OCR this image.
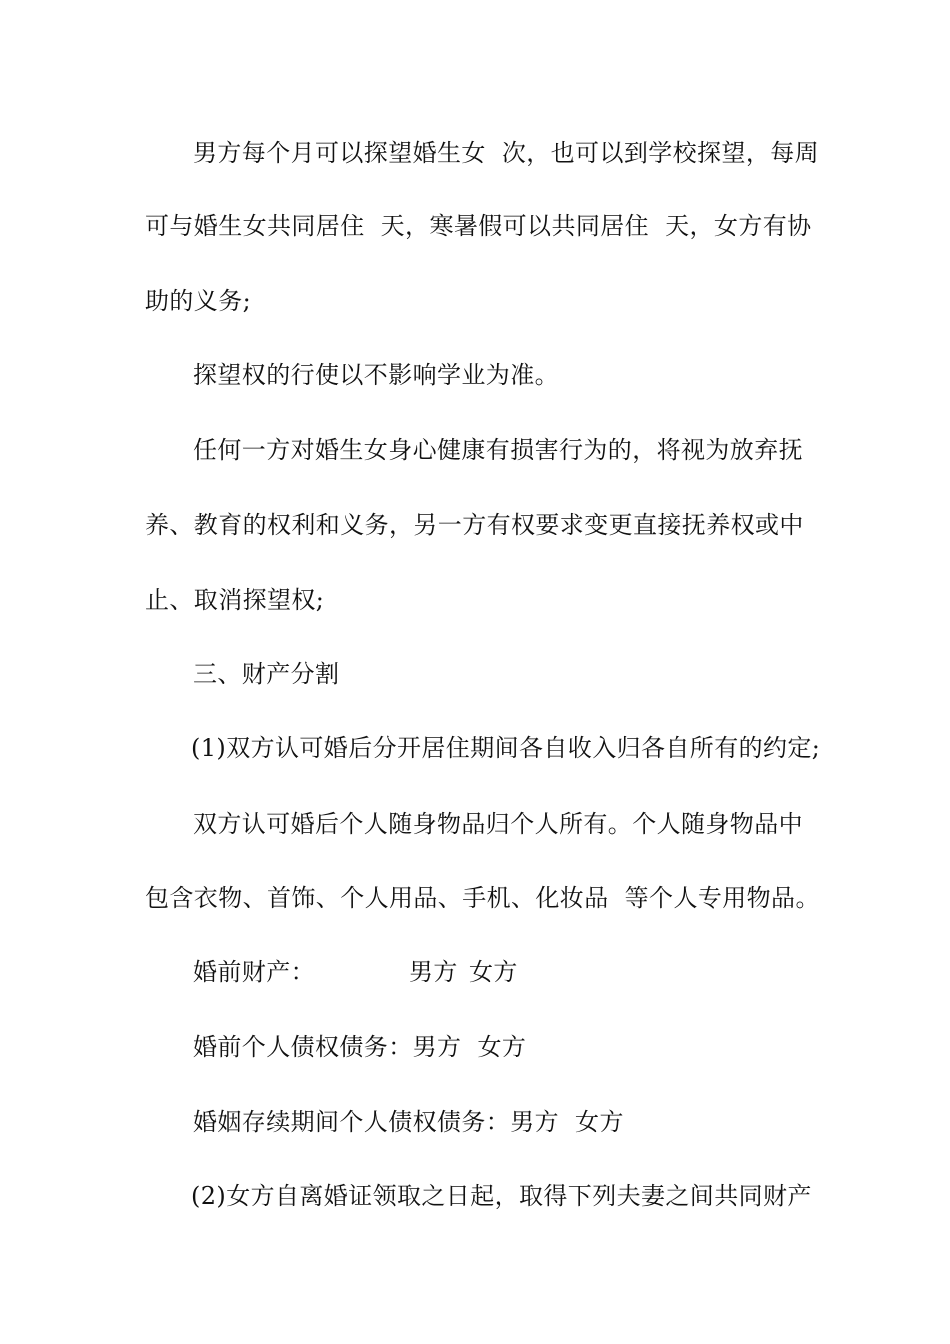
男方每个月可以探望婚生女  次，也可以到学校探望，每周
可与婚生女共同居住  天，寒暑假可以共同居住  天，女方有协
助的义务;
探望权的行使以不影响学业为准。
任何一方对婚生女身心健康有损害行为的，将视为放弃抚
养、教育的权利和义务，另一方有权要求变更直接抚养权或中
止、取消探望权;
三、财产分割
(1)双方认可婚后分开居住期间各自收入归各自所有的约定;
双方认可婚后个人随身物品归个人所有。个人随身物品中
包含衣物、首饰、个人用品、手机、化妆品  等个人专用物品。

婚前财产：

	男方

女方

婚前个人债权债务：男方  女方
婚姻存续期间个人债权债务：男方  女方
(2)女方自离婚证领取之日起，取得下列夫妻之间共同财产
